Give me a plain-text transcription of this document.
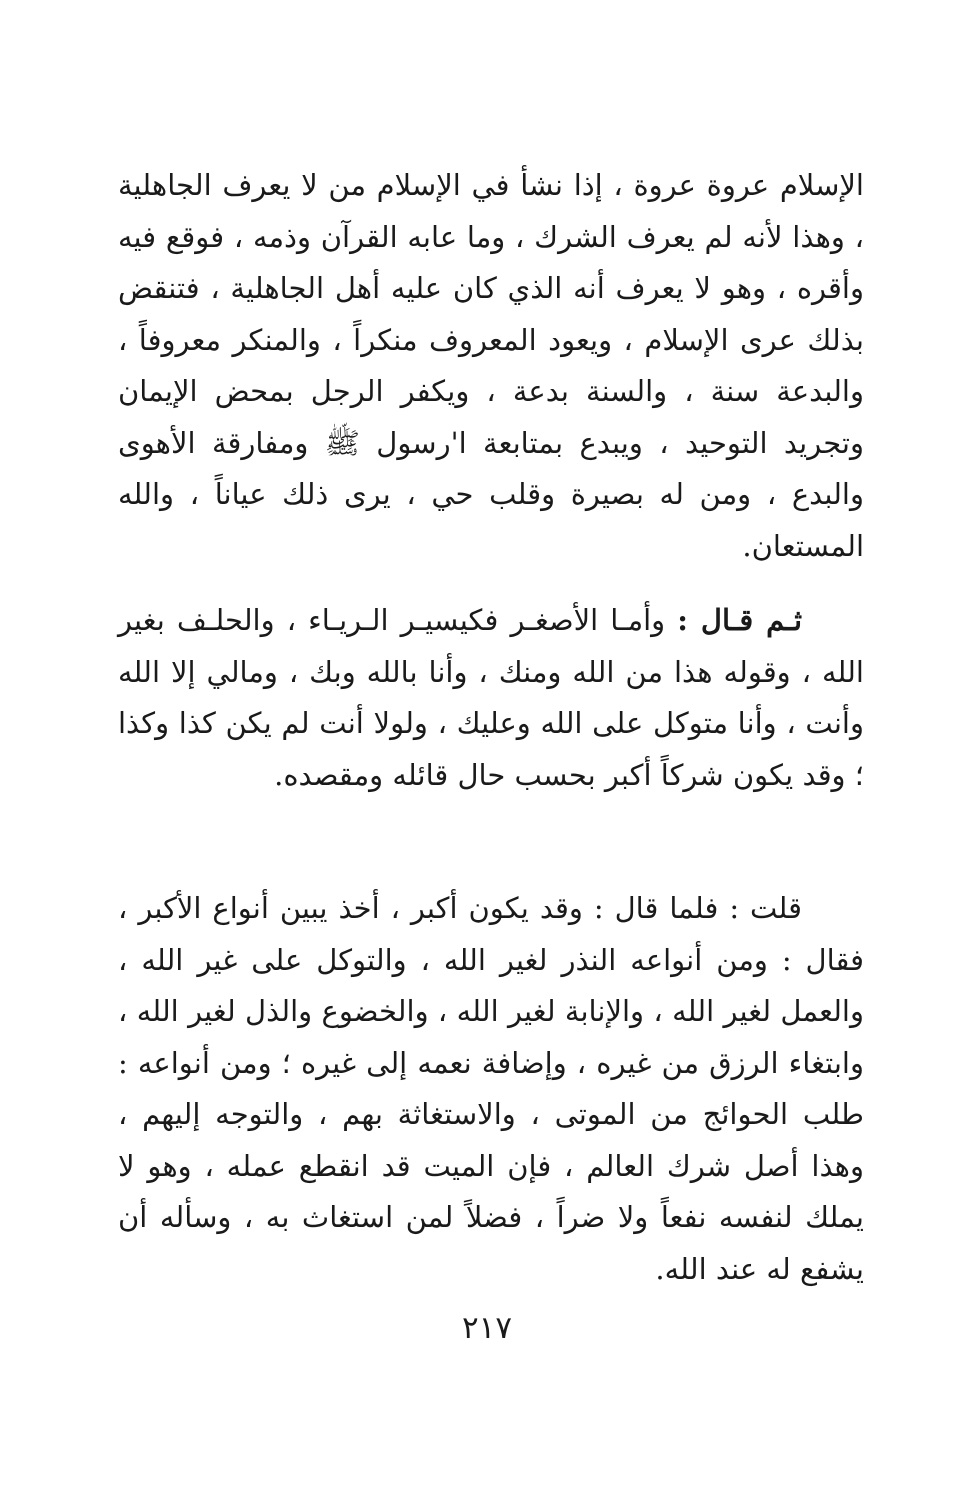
الإسلام عروة عروة ، إذا نشأ في الإسلام من لا يعرف الجاهلية ، وهذا لأنه لم يعرف الشرك ، وما عابه القرآن وذمه ، فوقع فيه وأقره ، وهو لا يعرف أنه الذي كان عليه أهل الجاهلية ، فتنقض بذلك عرى الإسلام ، ويعود المعروف منكراً ، والمنكر معروفاً ، والبدعة سنة ، والسنة بدعة ، ويكفر الرجل بمحض الإيمان وتجريد التوحيد ، ويبدع بمتابعة ا'رسول ﷺ ومفارقة الأهوى والبدع ، ومن له بصيرة وقلب حي ، يرى ذلك عياناً ، والله المستعان.

ثـم قـال : وأمـا الأصغـر فكيسيـر الـريـاء ، والحلـف بغير الله ، وقوله هذا من الله ومنك ، وأنا بالله وبك ، ومالي إلا الله وأنت ، وأنا متوكل على الله وعليك ، ولولا أنت لم يكن كذا وكذا ؛ وقد يكون شركاً أكبر بحسب حال قائله ومقصده.

قلت : فلما قال : وقد يكون أكبر ، أخذ يبين أنواع الأكبر ، فقال : ومن أنواعه النذر لغير الله ، والتوكل على غير الله ، والعمل لغير الله ، والإنابة لغير الله ، والخضوع والذل لغير الله ، وابتغاء الرزق من غيره ، وإضافة نعمه إلى غيره ؛ ومن أنواعه : طلب الحوائج من الموتى ، والاستغاثة بهم ، والتوجه إليهم ، وهذا أصل شرك العالم ، فإن الميت قد انقطع عمله ، وهو لا يملك لنفسه نفعاً ولا ضراً ، فضلاً لمن استغاث به ، وسأله أن يشفع له عند الله.

٢١٧
